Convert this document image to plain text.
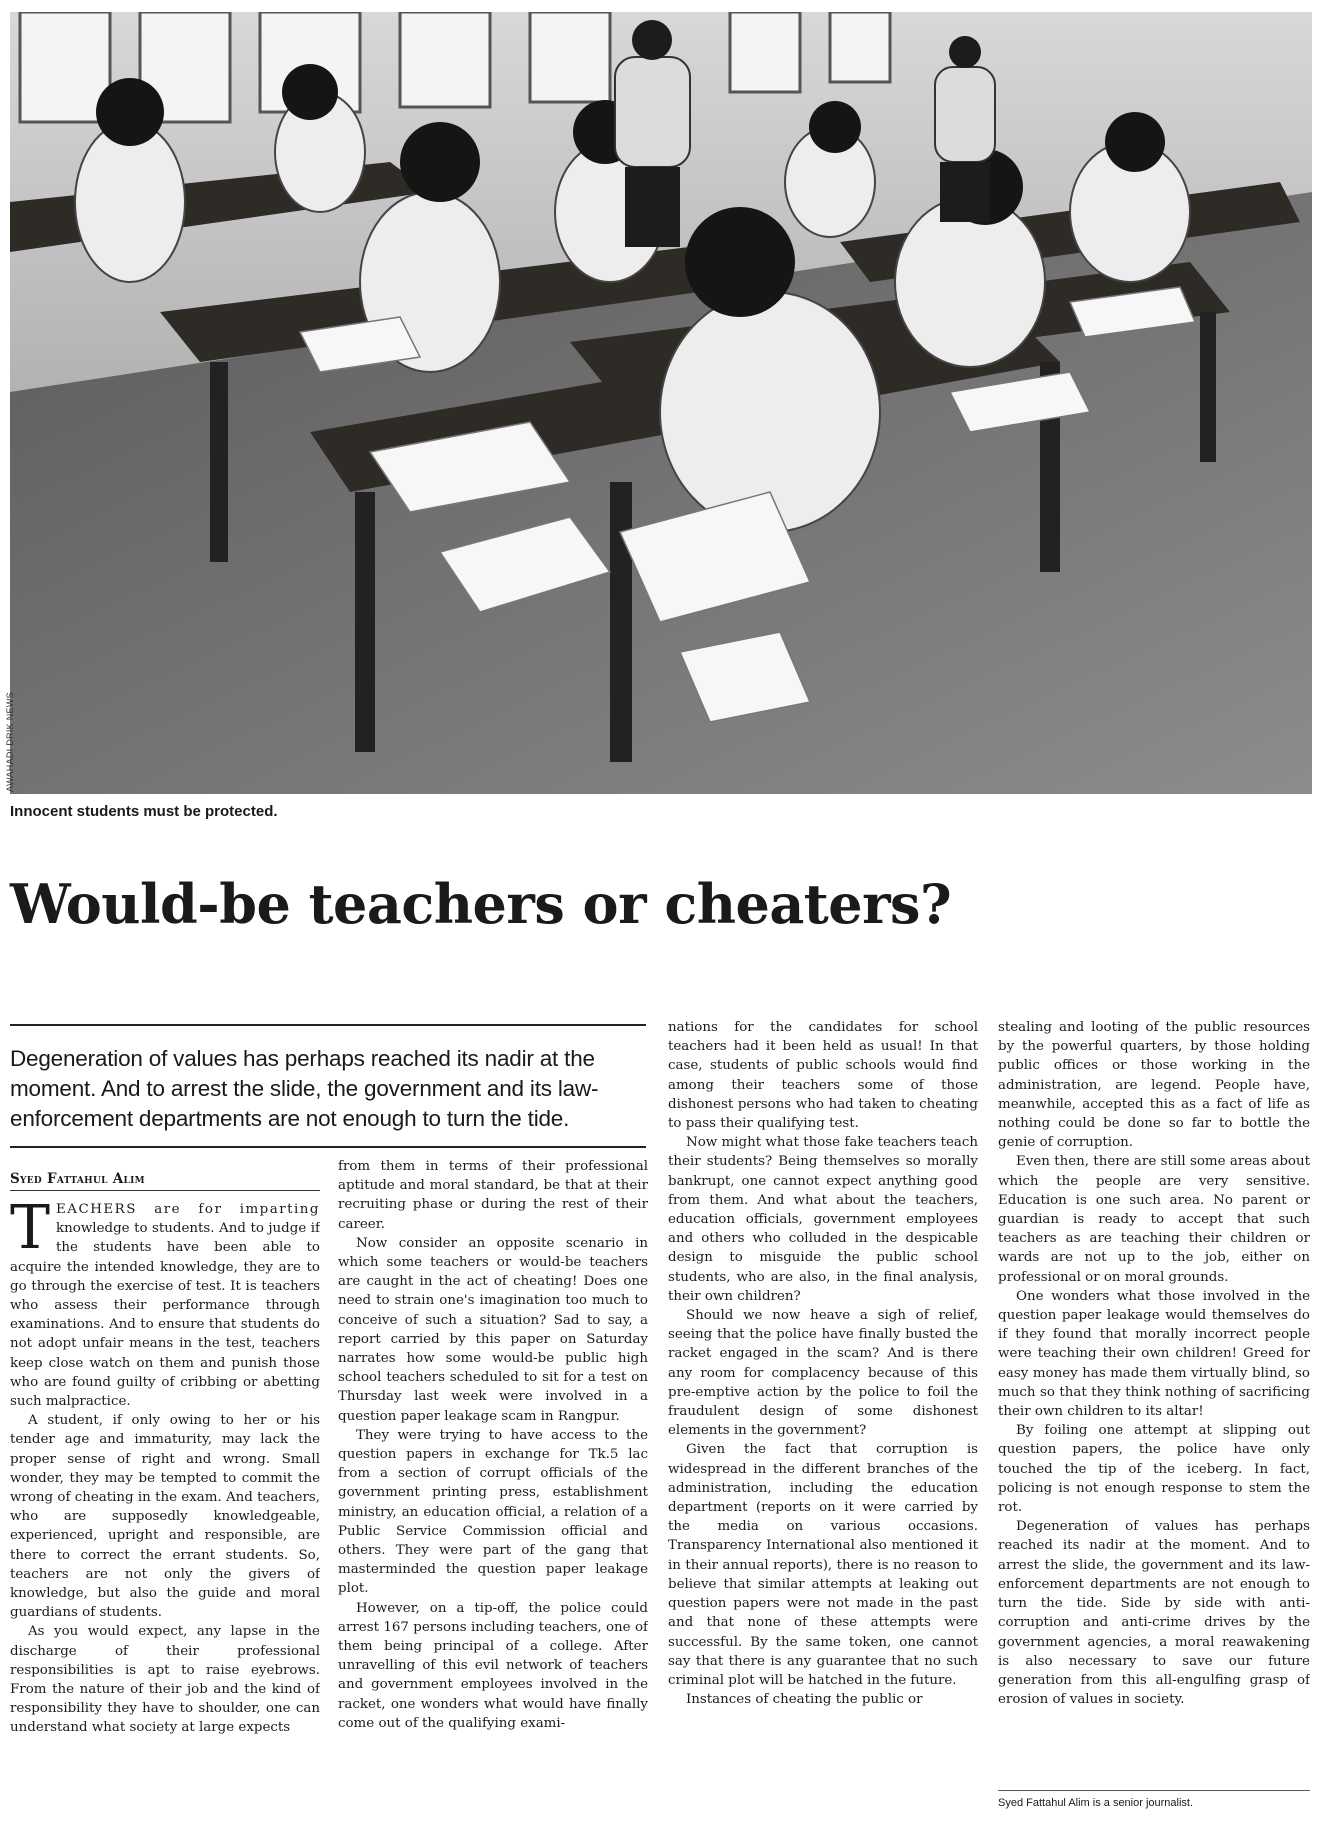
AWAHADI DRIK NEWS
Innocent students must be protected.
Would-be teachers or cheaters?
Degeneration of values has perhaps reached its nadir at the moment. And to arrest the slide, the government and its law-enforcement departments are not enough to turn the tide.
Syed Fattahul Alim

TEACHERS are for imparting knowledge to students. And to judge if the students have been able to acquire the intended knowledge, they are to go through the exercise of test. It is teachers who assess their performance through examinations. And to ensure that students do not adopt unfair means in the test, teachers keep close watch on them and punish those who are found guilty of cribbing or abetting such malpractice.

A student, if only owing to her or his tender age and immaturity, may lack the proper sense of right and wrong. Small wonder, they may be tempted to commit the wrong of cheating in the exam. And teachers, who are supposedly knowledgeable, experienced, upright and responsible, are there to correct the errant students. So, teachers are not only the givers of knowledge, but also the guide and moral guardians of students.

As you would expect, any lapse in the discharge of their professional responsibilities is apt to raise eyebrows. From the nature of their job and the kind of responsibility they have to shoulder, one can understand what society at large expects

from them in terms of their professional aptitude and moral standard, be that at their recruiting phase or during the rest of their career.

Now consider an opposite scenario in which some teachers or would-be teachers are caught in the act of cheating! Does one need to strain one's imagination too much to conceive of such a situation? Sad to say, a report carried by this paper on Saturday narrates how some would-be public high school teachers scheduled to sit for a test on Thursday last week were involved in a question paper leakage scam in Rangpur.

They were trying to have access to the question papers in exchange for Tk.5 lac from a section of corrupt officials of the government printing press, establishment ministry, an education official, a relation of a Public Service Commission official and others. They were part of the gang that masterminded the question paper leakage plot.

However, on a tip-off, the police could arrest 167 persons including teachers, one of them being principal of a college. After unravelling of this evil network of teachers and government employees involved in the racket, one wonders what would have finally come out of the qualifying exami-

nations for the candidates for school teachers had it been held as usual! In that case, students of public schools would find among their teachers some of those dishonest persons who had taken to cheating to pass their qualifying test.

Now might what those fake teachers teach their students? Being themselves so morally bankrupt, one cannot expect anything good from them. And what about the teachers, education officials, government employees and others who colluded in the despicable design to misguide the public school students, who are also, in the final analysis, their own children?

Should we now heave a sigh of relief, seeing that the police have finally busted the racket engaged in the scam? And is there any room for complacency because of this pre-emptive action by the police to foil the fraudulent design of some dishonest elements in the government?

Given the fact that corruption is widespread in the different branches of the administration, including the education department (reports on it were carried by the media on various occasions. Transparency International also mentioned it in their annual reports), there is no reason to believe that similar attempts at leaking out question papers were not made in the past and that none of these attempts were successful. By the same token, one cannot say that there is any guarantee that no such criminal plot will be hatched in the future.

Instances of cheating the public or

stealing and looting of the public resources by the powerful quarters, by those holding public offices or those working in the administration, are legend. People have, meanwhile, accepted this as a fact of life as nothing could be done so far to bottle the genie of corruption.

Even then, there are still some areas about which the people are very sensitive. Education is one such area. No parent or guardian is ready to accept that such teachers as are teaching their children or wards are not up to the job, either on professional or on moral grounds.

One wonders what those involved in the question paper leakage would themselves do if they found that morally incorrect people were teaching their own children! Greed for easy money has made them virtually blind, so much so that they think nothing of sacrificing their own children to its altar!

By foiling one attempt at slipping out question papers, the police have only touched the tip of the iceberg. In fact, policing is not enough response to stem the rot.

Degeneration of values has perhaps reached its nadir at the moment. And to arrest the slide, the government and its law-enforcement departments are not enough to turn the tide. Side by side with anti-corruption and anti-crime drives by the government agencies, a moral reawakening is also necessary to save our future generation from this all-engulfing grasp of erosion of values in society.

Syed Fattahul Alim is a senior journalist.
